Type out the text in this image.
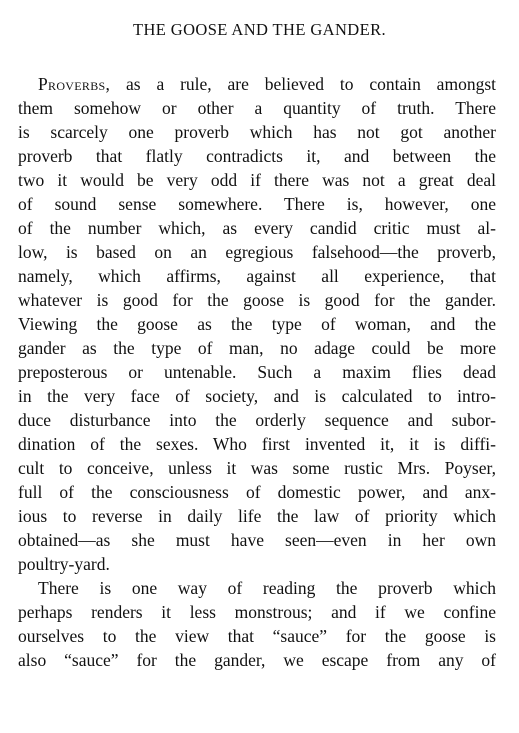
THE GOOSE AND THE GANDER.
Proverbs, as a rule, are believed to contain amongst
them somehow or other a quantity of truth. There
is scarcely one proverb which has not got another
proverb that flatly contradicts it, and between the
two it would be very odd if there was not a great deal
of sound sense somewhere. There is, however, one
of the number which, as every candid critic must al-
low, is based on an egregious falsehood—the proverb,
namely, which affirms, against all experience, that
whatever is good for the goose is good for the gander.
Viewing the goose as the type of woman, and the
gander as the type of man, no adage could be more
preposterous or untenable. Such a maxim flies dead
in the very face of society, and is calculated to intro-
duce disturbance into the orderly sequence and subor-
dination of the sexes. Who first invented it, it is diffi-
cult to conceive, unless it was some rustic Mrs. Poyser,
full of the consciousness of domestic power, and anx-
ious to reverse in daily life the law of priority which
obtained—as she must have seen—even in her own
poultry-yard.
There is one way of reading the proverb which
perhaps renders it less monstrous; and if we confine
ourselves to the view that “sauce” for the goose is
also “sauce” for the gander, we escape from any of
